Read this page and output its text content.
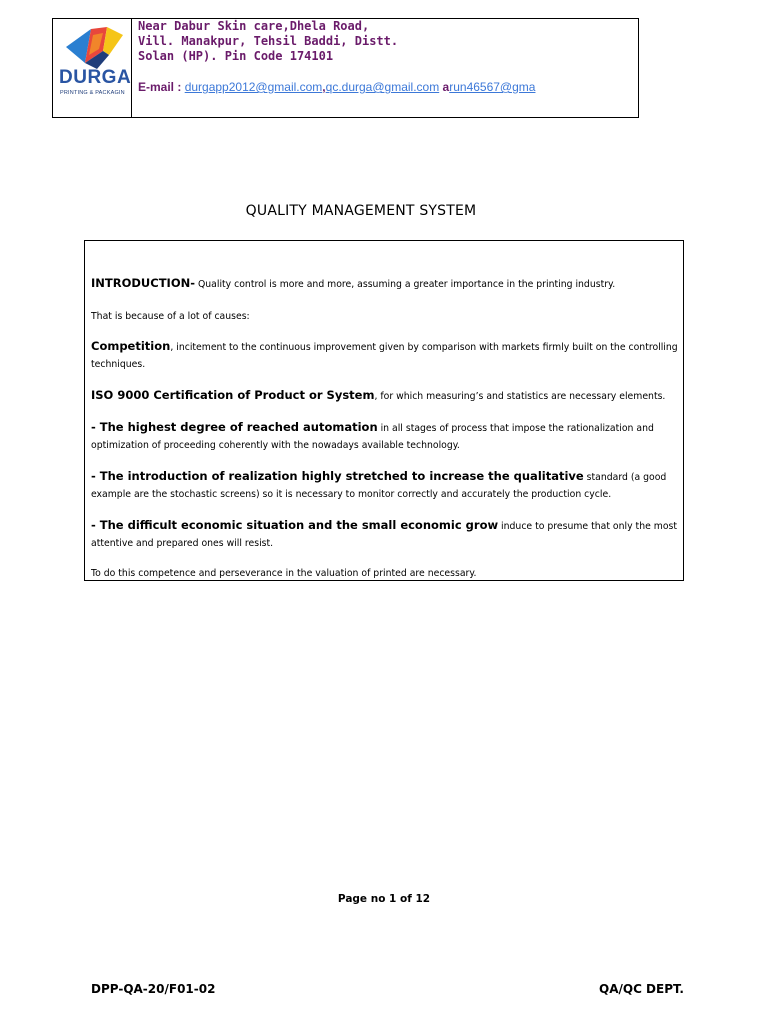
DURGA
PRINTING & PACKAGIN
Near Dabur Skin care,Dhela Road,
Vill. Manakpur, Tehsil Baddi, Distt.
Solan (HP). Pin Code 174101
E-mail : durgapp2012@gmail.com,qc.durga@gmail.com arun46567@gma
QUALITY MANAGEMENT SYSTEM
INTRODUCTION- Quality control is more and more, assuming a greater importance in the printing industry.
That is because of a lot of causes:
Competition, incitement to the continuous improvement given by comparison with markets firmly built on the controlling techniques.
ISO 9000 Certification of Product or System, for which measuring’s and statistics are necessary elements.
- The highest degree of reached automation in all stages of process that impose the rationalization and optimization of proceeding coherently with the nowadays available technology.
- The introduction of realization highly stretched to increase the qualitative standard (a good example are the stochastic screens) so it is necessary to monitor correctly and accurately the production cycle.
- The difficult economic situation and the small economic grow induce to presume that only the most attentive and prepared ones will resist.
To do this competence and perseverance in the valuation of printed are necessary.
Page no 1 of 12
DPP-QA-20/F01-02	QA/QC DEPT.
